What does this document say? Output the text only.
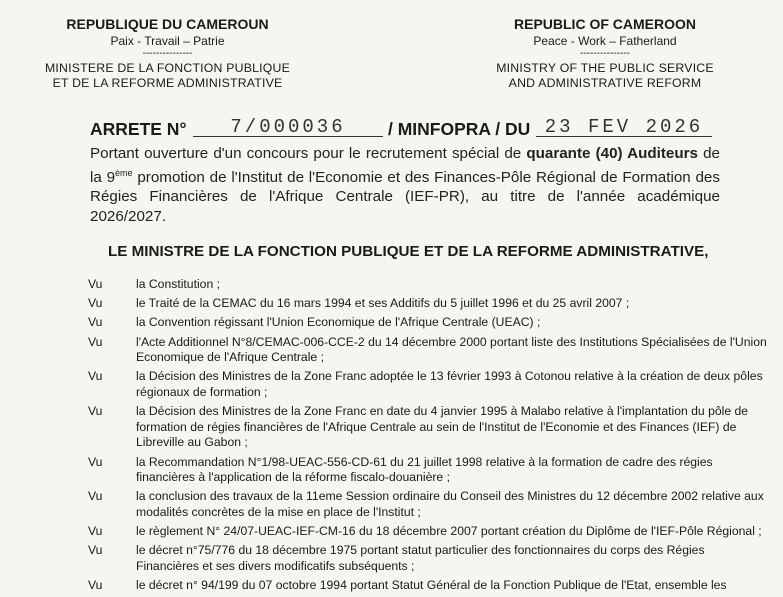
REPUBLIQUE DU CAMEROUN
Paix - Travail – Patrie
---------------
MINISTERE DE LA FONCTION PUBLIQUE
ET DE LA REFORME ADMINISTRATIVE
REPUBLIC OF CAMEROON
Peace - Work – Fatherland
---------------
MINISTRY OF THE PUBLIC SERVICE
AND ADMINISTRATIVE REFORM
ARRETE N°	7/000036	/ MINFOPRA / DU 23 FEV 2026
Portant ouverture d'un concours pour le recrutement spécial de quarante (40) Auditeurs de la 9ème promotion de l'Institut de l'Economie et des Finances-Pôle Régional de Formation des Régies Financières de l'Afrique Centrale (IEF-PR), au titre de l'année académique 2026/2027.
LE MINISTRE DE LA FONCTION PUBLIQUE ET DE LA REFORME ADMINISTRATIVE,
Vu	la Constitution ;
Vu	le Traité de la CEMAC du 16 mars 1994 et ses Additifs du 5 juillet 1996 et du 25 avril 2007 ;
Vu	la Convention régissant l'Union Economique de l'Afrique Centrale (UEAC) ;
Vu	l'Acte Additionnel N°8/CEMAC-006-CCE-2 du 14 décembre 2000 portant liste des Institutions Spécialisées de l'Union Economique de l'Afrique Centrale ;
Vu	la Décision des Ministres de la Zone Franc adoptée le 13 février 1993 à Cotonou relative à la création de deux pôles régionaux de formation ;
Vu	la Décision des Ministres de la Zone Franc en date du 4 janvier 1995 à Malabo relative à l'implantation du pôle de formation de régies financières de l'Afrique Centrale au sein de l'Institut de l'Economie et des Finances (IEF) de Libreville au Gabon ;
Vu	la Recommandation N°1/98-UEAC-556-CD-61 du 21 juillet 1998 relative à la formation de cadre des régies financières à l'application de la réforme fiscalo-douanière ;
Vu	la conclusion des travaux de la 11eme Session ordinaire du Conseil des Ministres du 12 décembre 2002 relative aux modalités concrètes de la mise en place de l'Institut ;
Vu	le règlement N° 24/07-UEAC-IEF-CM-16 du 18 décembre 2007 portant création du Diplôme de l'IEF-Pôle Régional ;
Vu	le décret n°75/776 du 18 décembre 1975 portant statut particulier des fonctionnaires du corps des Régies Financières et ses divers modificatifs subséquents ;
Vu	le décret n° 94/199 du 07 octobre 1994 portant Statut Général de la Fonction Publique de l'Etat, ensemble les
